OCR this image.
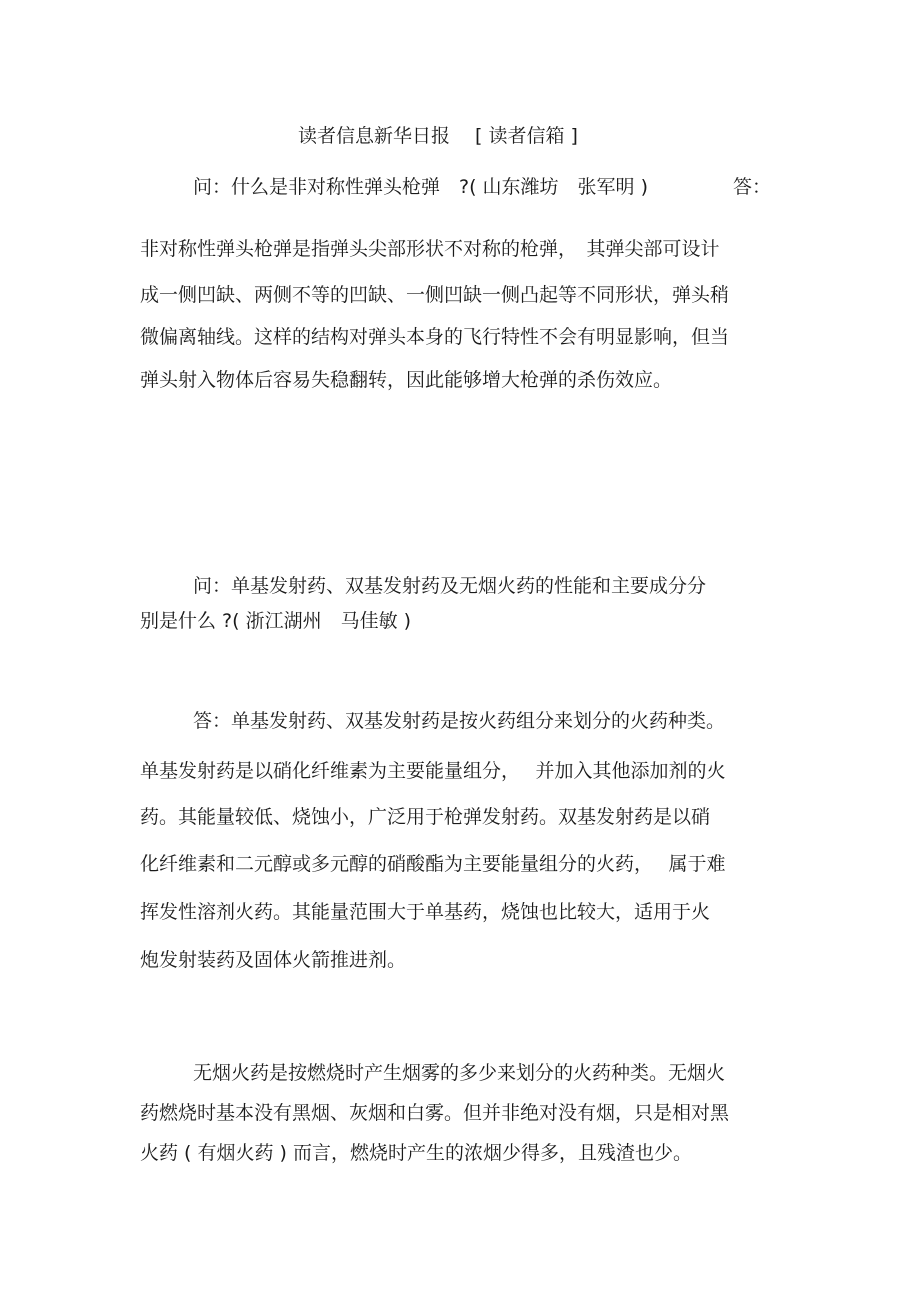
读者信息新华日报　 [ 读者信箱 ]
问：什么是非对称性弹头枪弹　?( 山东潍坊　张军明 )	答：
非对称性弹头枪弹是指弹头尖部形状不对称的枪弹，　其弹尖部可设计
成一侧凹缺、两侧不等的凹缺、一侧凹缺一侧凸起等不同形状，弹头稍
微偏离轴线。这样的结构对弹头本身的飞行特性不会有明显影响，但当
弹头射入物体后容易失稳翻转，因此能够增大枪弹的杀伤效应。
问：单基发射药、双基发射药及无烟火药的性能和主要成分分
别是什么 ?( 浙江湖州　马佳敏 )
答：单基发射药、双基发射药是按火药组分来划分的火药种类。
单基发射药是以硝化纤维素为主要能量组分，　 并加入其他添加剂的火
药。其能量较低、烧蚀小，广泛用于枪弹发射药。双基发射药是以硝
化纤维素和二元醇或多元醇的硝酸酯为主要能量组分的火药，　 属于难
挥发性溶剂火药。其能量范围大于单基药，烧蚀也比较大，适用于火
炮发射装药及固体火箭推进剂。
无烟火药是按燃烧时产生烟雾的多少来划分的火药种类。无烟火
药燃烧时基本没有黑烟、灰烟和白雾。但并非绝对没有烟，只是相对黑
火药 ( 有烟火药 ) 而言，燃烧时产生的浓烟少得多，且残渣也少。
